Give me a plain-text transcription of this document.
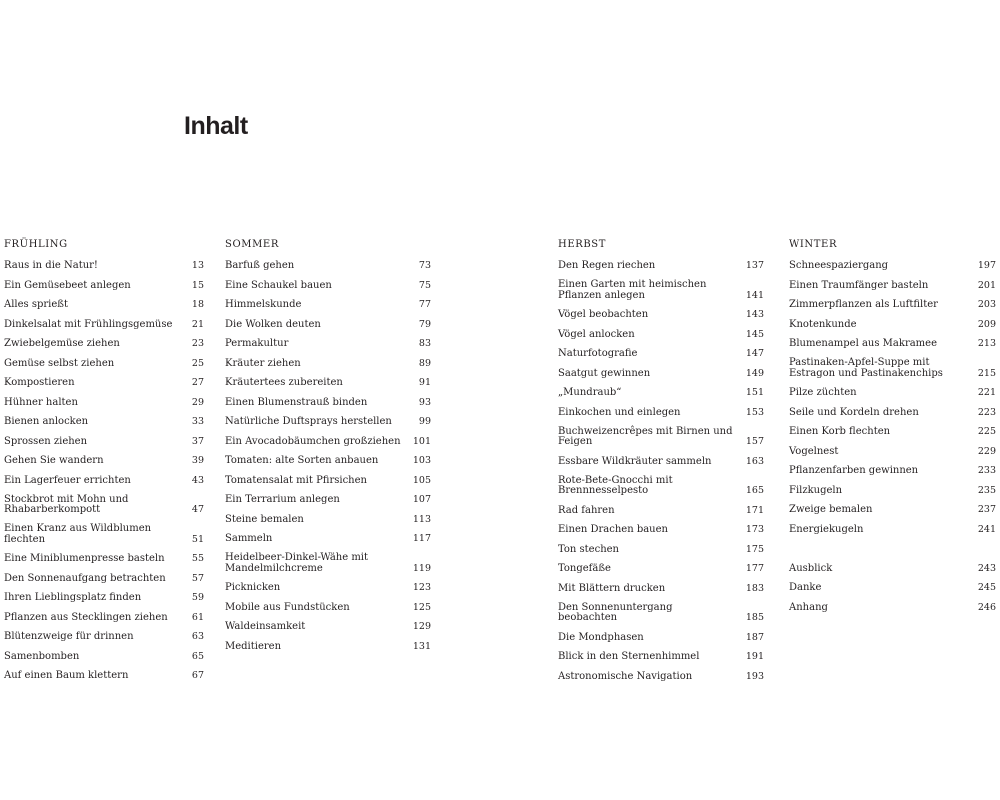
Inhalt
FRÜHLING
Raus in die Natur!	13
Ein Gemüsebeet anlegen	15
Alles sprießt	18
Dinkelsalat mit Frühlingsgemüse	21
Zwiebelgemüse ziehen	23
Gemüse selbst ziehen	25
Kompostieren	27
Hühner halten	29
Bienen anlocken	33
Sprossen ziehen	37
Gehen Sie wandern	39
Ein Lagerfeuer errichten	43
Stockbrot mit Mohn und Rhabarberkompott	47
Einen Kranz aus Wildblumen flechten	51
Eine Miniblumenpresse basteln	55
Den Sonnenaufgang betrachten	57
Ihren Lieblingsplatz finden	59
Pflanzen aus Stecklingen ziehen	61
Blütenzweige für drinnen	63
Samenbomben	65
Auf einen Baum klettern	67
SOMMER
Barfuß gehen	73
Eine Schaukel bauen	75
Himmelskunde	77
Die Wolken deuten	79
Permakultur	83
Kräuter ziehen	89
Kräutertees zubereiten	91
Einen Blumenstrauß binden	93
Natürliche Duftsprays herstellen	99
Ein Avocadobäumchen großziehen	101
Tomaten: alte Sorten anbauen	103
Tomatensalat mit Pfirsichen	105
Ein Terrarium anlegen	107
Steine bemalen	113
Sammeln	117
Heidelbeer-Dinkel-Wähe mit Mandelmilchcreme	119
Picknicken	123
Mobile aus Fundstücken	125
Waldeinsamkeit	129
Meditieren	131
HERBST
Den Regen riechen	137
Einen Garten mit heimischen Pflanzen anlegen	141
Vögel beobachten	143
Vögel anlocken	145
Naturfotografie	147
Saatgut gewinnen	149
„Mundraub“	151
Einkochen und einlegen	153
Buchweizencrêpes mit Birnen und Feigen	157
Essbare Wildkräuter sammeln	163
Rote-Bete-Gnocchi mit Brennnesselpesto	165
Rad fahren	171
Einen Drachen bauen	173
Ton stechen	175
Tongefäße	177
Mit Blättern drucken	183
Den Sonnenuntergang beobachten	185
Die Mondphasen	187
Blick in den Sternenhimmel	191
Astronomische Navigation	193
WINTER
Schneespaziergang	197
Einen Traumfänger basteln	201
Zimmerpflanzen als Luftfilter	203
Knotenkunde	209
Blumenampel aus Makramee	213
Pastinaken-Apfel-Suppe mit Estragon und Pastinakenchips	215
Pilze züchten	221
Seile und Kordeln drehen	223
Einen Korb flechten	225
Vogelnest	229
Pflanzenfarben gewinnen	233
Filzkugeln	235
Zweige bemalen	237
Energiekugeln	241
Ausblick	243
Danke	245
Anhang	246
